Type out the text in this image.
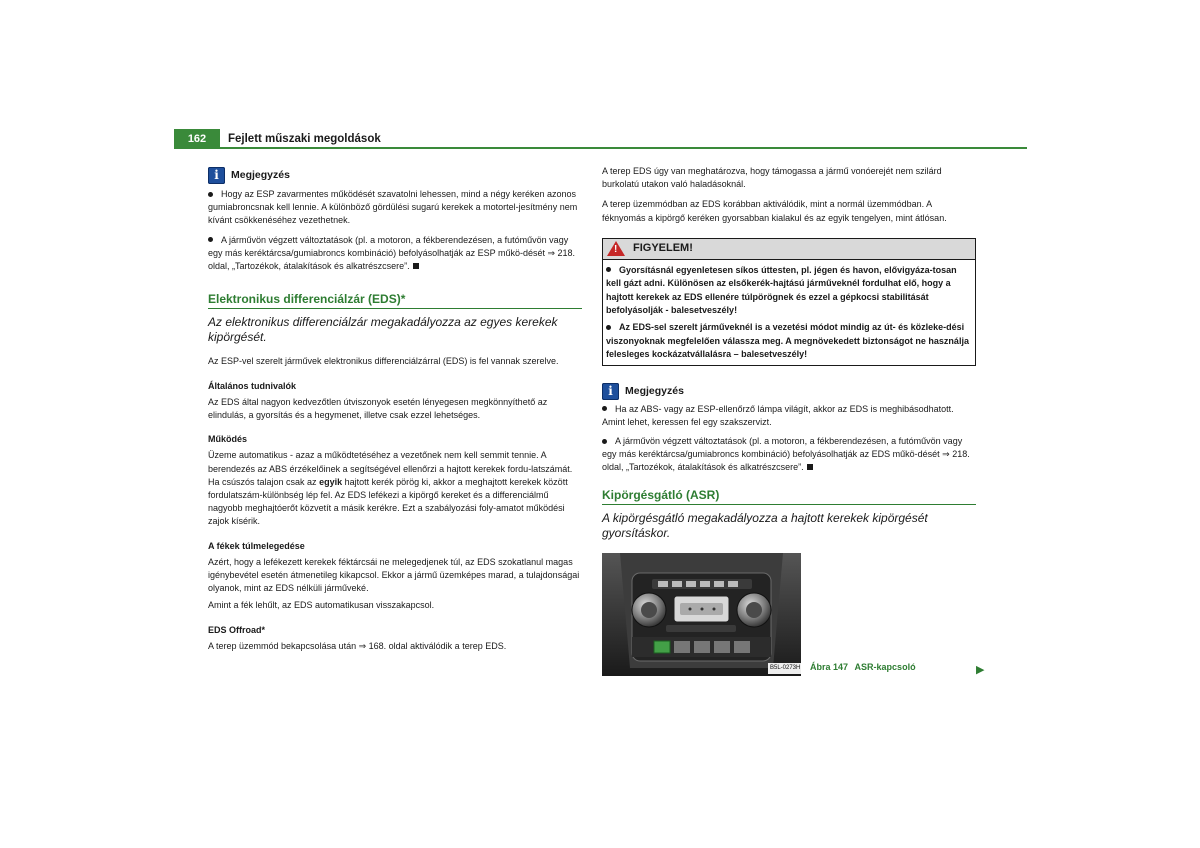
162	Fejlett műszaki megoldások
i Megjegyzés

Hogy az ESP zavarmentes működését szavatolni lehessen, mind a négy keréken azonos gumiabroncsnak kell lennie. A különböző gördülési sugarú kerekek a motortel-jesítmény nem kívánt csökkenéséhez vezethetnek.

A járművön végzett változtatások (pl. a motoron, a fékberendezésen, a futóművön vagy egy más keréktárcsa/gumiabroncs kombináció) befolyásolhatják az ESP műkö-dését ⇒ 218. oldal, „Tartozékok, átalakítások és alkatrészcsere”.

Elektronikus differenciálzár (EDS)*
Az elektronikus differenciálzár megakadályozza az egyes kerekek kipörgését.

Az ESP-vel szerelt járművek elektronikus differenciálzárral (EDS) is fel vannak szerelve.

Általános tudnivalók

Az EDS által nagyon kedvezőtlen útviszonyok esetén lényegesen megkönnyíthető az elindulás, a gyorsítás és a hegymenet, illetve csak ezzel lehetséges.

Működés

Üzeme automatikus - azaz a működtetéséhez a vezetőnek nem kell semmit tennie. A berendezés az ABS érzékelőinek a segítségével ellenőrzi a hajtott kerekek fordu-latszámát. Ha csúszós talajon csak az egyik hajtott kerék pörög ki, akkor a meghajtott kerekek között fordulatszám-különbség lép fel. Az EDS lefékezi a kipörgő kereket és a differenciálmű nagyobb meghajtóerőt közvetít a másik kerékre. Ezt a szabályozási foly-amatot működési zajok kísérik.

A fékek túlmelegedése

Azért, hogy a lefékezett kerekek féktárcsái ne melegedjenek túl, az EDS szokatlanul magas igénybevétel esetén átmenetileg kikapcsol. Ekkor a jármű üzemképes marad, a tulajdonságai olyanok, mint az EDS nélküli járműveké.

Amint a fék lehűlt, az EDS automatikusan visszakapcsol.

EDS Offroad*

A terep üzemmód bekapcsolása után ⇒ 168. oldal aktiválódik a terep EDS.

A terep EDS úgy van meghatározva, hogy támogassa a jármű vonóerejét nem szilárd burkolatú utakon való haladásoknál.

A terep üzemmódban az EDS korábban aktiválódik, mint a normál üzemmódban. A féknyomás a kipörgő keréken gyorsabban kialakul és az egyik tengelyen, mint átlósan.

! FIGYELEM!

Gyorsításnál egyenletesen síkos úttesten, pl. jégen és havon, elővigyáza-tosan kell gázt adni. Különösen az elsőkerék-hajtású járműveknél fordulhat elő, hogy a hajtott kerekek az EDS ellenére túlpörögnek és ezzel a gépkocsi stabilitását befolyásolják - balesetveszély!

Az EDS-sel szerelt járműveknél is a vezetési módot mindig az út- és közleke-dési viszonyoknak megfelelően válassza meg. A megnövekedett biztonságot ne használja felesleges kockázatvállalásra – balesetveszély!

i Megjegyzés

Ha az ABS- vagy az ESP-ellenőrző lámpa világít, akkor az EDS is meghibásodhatott. Amint lehet, keressen fel egy szakszervizt.

A járművön végzett változtatások (pl. a motoron, a fékberendezésen, a futóművön vagy egy más keréktárcsa/gumiabroncs kombináció) befolyásolhatják az EDS műkö-dését ⇒ 218. oldal, „Tartozékok, átalakítások és alkatrészcsere”.

Kipörgésgátló (ASR)
A kipörgésgátló megakadályozza a hajtott kerekek kipörgését gyorsításkor.
B5L-0273H Ábra 147 ASR-kapcsoló	▶
